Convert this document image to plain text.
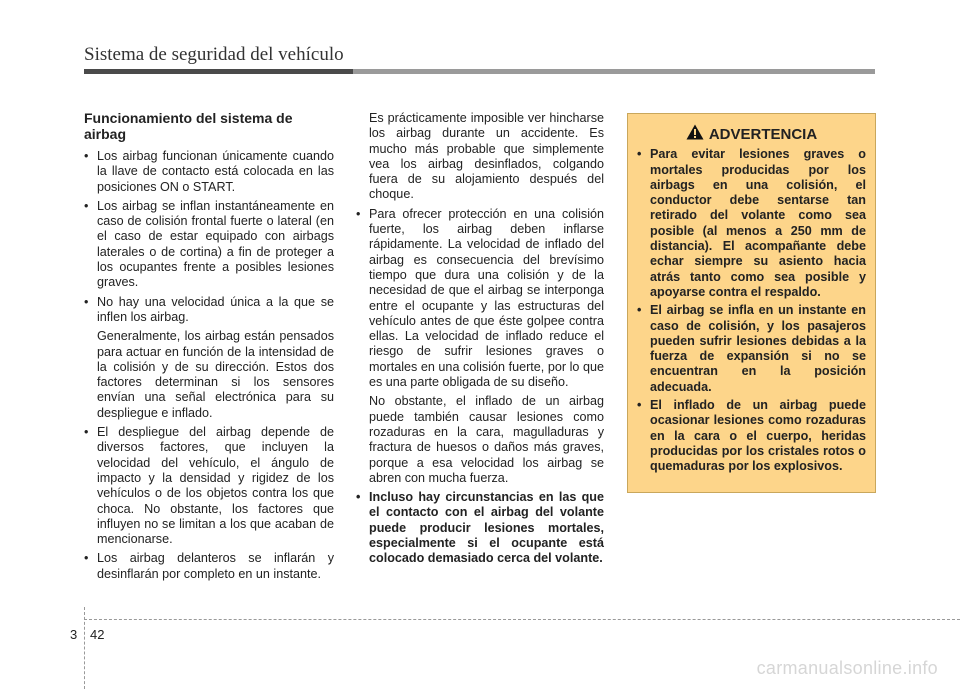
Sistema de seguridad del vehículo
Funcionamiento del sistema de airbag
• Los airbag funcionan únicamente cuando la llave de contacto está colocada en las posiciones ON o START.
• Los airbag se inflan instantáneamente en caso de colisión frontal fuerte o lateral (en el caso de estar equipado con airbags laterales o de cortina) a fin de proteger a los ocupantes frente a posibles lesiones graves.
• No hay una velocidad única a la que se inflen los airbag.

Generalmente, los airbag están pensados para actuar en función de la intensidad de la colisión y de su dirección. Estos dos factores determinan si los sensores envían una señal electrónica para su despliegue e inflado.

• El despliegue del airbag depende de diversos factores, que incluyen la velocidad del vehículo, el ángulo de impacto y la densidad y rigidez de los vehículos o de los objetos contra los que choca. No obstante, los factores que influyen no se limitan a los que acaban de mencionarse.
• Los airbag delanteros se inflarán y desinflarán por completo en un instante.

Es prácticamente imposible ver hincharse los airbag durante un accidente. Es mucho más probable que simplemente vea los airbag desinflados, colgando fuera de su alojamiento después del choque.

• Para ofrecer protección en una colisión fuerte, los airbag deben inflarse rápidamente. La velocidad de inflado del airbag es consecuencia del brevísimo tiempo que dura una colisión y de la necesidad de que el airbag se interponga entre el ocupante y las estructuras del vehículo antes de que éste golpee contra ellas. La velocidad de inflado reduce el riesgo de sufrir lesiones graves o mortales en una colisión fuerte, por lo que es una parte obligada de su diseño.

No obstante, el inflado de un airbag puede también causar lesiones como rozaduras en la cara, magulladuras y fractura de huesos o daños más graves, porque a esa velocidad los airbag se abren con mucha fuerza.

• Incluso hay circunstancias en las que el contacto con el airbag del volante puede producir lesiones mortales, especialmente si el ocupante está colocado demasiado cerca del volante.
ADVERTENCIA
• Para evitar lesiones graves o mortales producidas por los airbags en una colisión, el conductor debe sentarse tan retirado del volante como sea posible (al menos a 250 mm de distancia). El acompañante debe echar siempre su asiento hacia atrás tanto como sea posible y apoyarse contra el respaldo.
• El airbag se infla en un instante en caso de colisión, y los pasajeros pueden sufrir lesiones debidas a la fuerza de expansión si no se encuentran en la posición adecuada.
• El inflado de un airbag puede ocasionar lesiones como rozaduras en la cara o el cuerpo, heridas producidas por los cristales rotos o quemaduras por los explosivos.
3 42
carmanualsonline.info
